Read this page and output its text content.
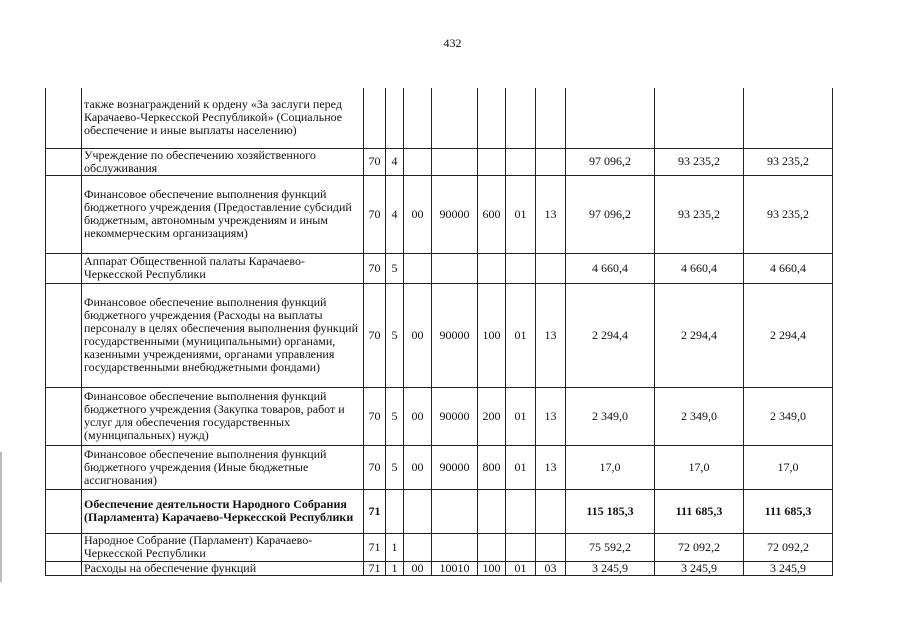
432
	также вознаграждений к ордену «За заслуги перед Карачаево-Черкесской Республикой» (Социальное обеспечение и иные выплаты населению)										
	Учреждение по обеспечению хозяйственного обслуживания	70	4						97 096,2	93 235,2	93 235,2
	Финансовое обеспечение выполнения функций бюджетного учреждения (Предоставление субсидий бюджетным, автономным учреждениям и иным некоммерческим организациям)	70	4	00	90000	600	01	13	97 096,2	93 235,2	93 235,2
	Аппарат Общественной палаты Карачаево-Черкесской Республики	70	5						4 660,4	4 660,4	4 660,4
	Финансовое обеспечение выполнения функций бюджетного учреждения (Расходы на выплаты персоналу в целях обеспечения выполнения функций государственными (муниципальными) органами, казенными учреждениями, органами управления государственными внебюджетными фондами)	70	5	00	90000	100	01	13	2 294,4	2 294,4	2 294,4
	Финансовое обеспечение выполнения функций бюджетного учреждения (Закупка товаров, работ и услуг для обеспечения государственных (муниципальных) нужд)	70	5	00	90000	200	01	13	2 349,0	2 349,0	2 349,0
	Финансовое обеспечение выполнения функций бюджетного учреждения (Иные бюджетные ассигнования)	70	5	00	90000	800	01	13	17,0	17,0	17,0
	Обеспечение деятельности Народного Собрания (Парламента) Карачаево-Черкесской Республики	71							115 185,3	111 685,3	111 685,3
	Народное Собрание (Парламент) Карачаево-Черкесской Республики	71	1						75 592,2	72 092,2	72 092,2
	Расходы на обеспечение функций	71	1	00	10010	100	01	03	3 245,9	3 245,9	3 245,9
